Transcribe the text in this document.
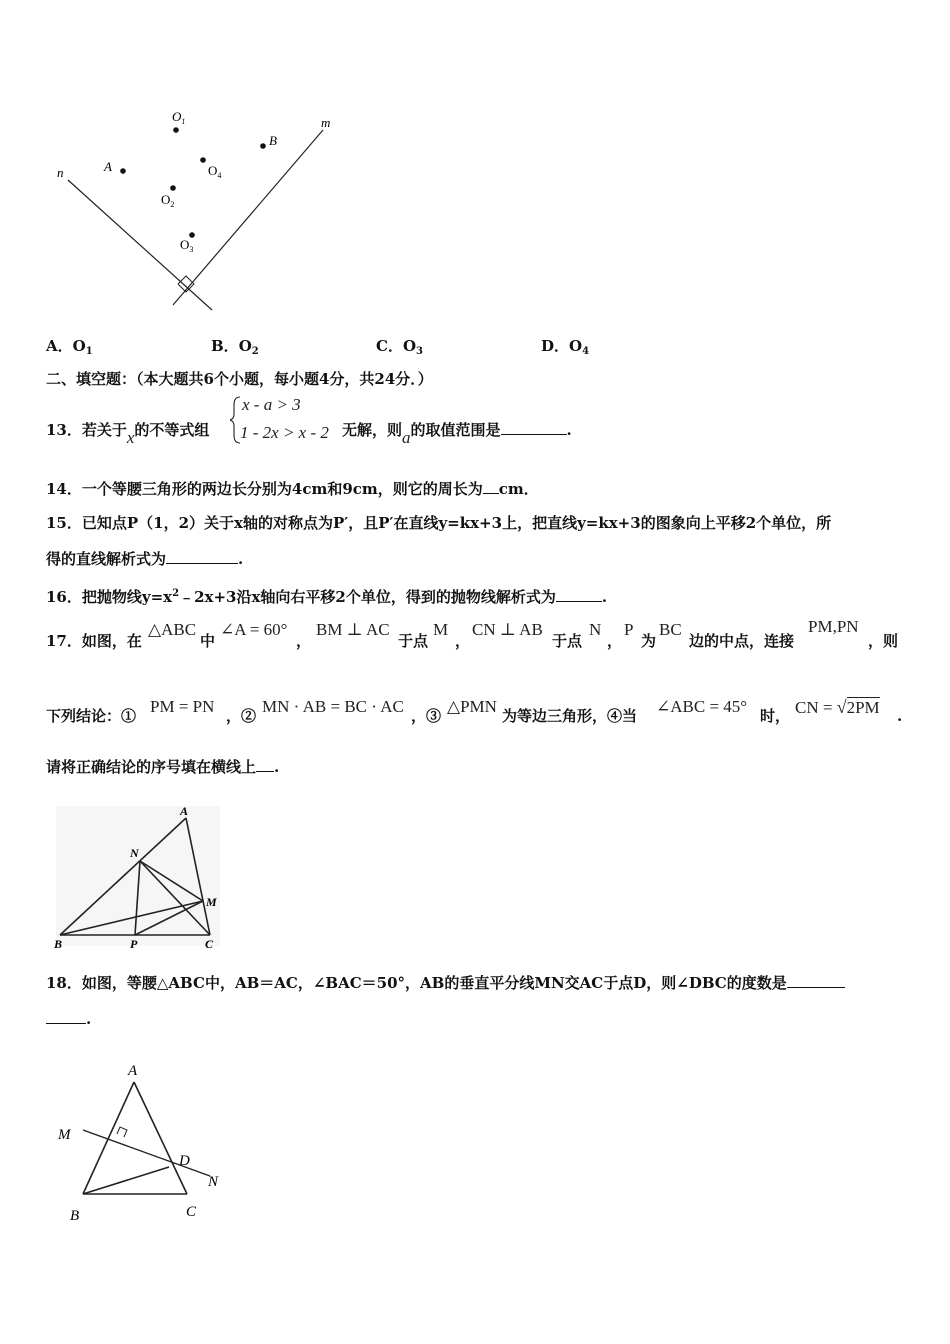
$O_1$
B
$O_4$
A
$O_2$
$O_3$
m
n
A．$O_1$	B．$O_2$	C．$O_3$	D．$O_4$
二、填空题：（本大题共6个小题，每小题4分，共24分．）
13．若关于x的不等式组
x - a > 3
1 - 2x > x - 2 无解，则a的取值范围是	.
14．一个等腰三角形的两边长分别为4cm和9cm，则它的周长为 cm．
15．已知点P（1，2）关于x轴的对称点为P′，且P′在直线y=kx+3上，把直线y=kx+3的图象向上平移2个单位，所
得的直线解析式为	.
16．把抛物线$y=x^2﹣2x+3$沿x轴向右平移2个单位，得到的抛物线解析式为	.
17．如图，在
△ABC
中
∠A = 60°
，
BM ⊥ AC
于点
M
，
CN ⊥ AB
于点
N
，
P
为
BC
边的中点，连接
PM,PN
，则
下列结论：① PM = PN ，② MN · AB = BC · AC ，③ △PMN 为等边三角形，④当 ∠ABC = 45° 时， CN = √2PM .
请将正确结论的序号填在横线上 .
A
N
M
B	P	C
18．如图，等腰△ABC中，AB＝AC，∠BAC＝50°，AB的垂直平分线MN交AC于点D，则∠DBC的度数是
.
A
M
D
N
B	C
